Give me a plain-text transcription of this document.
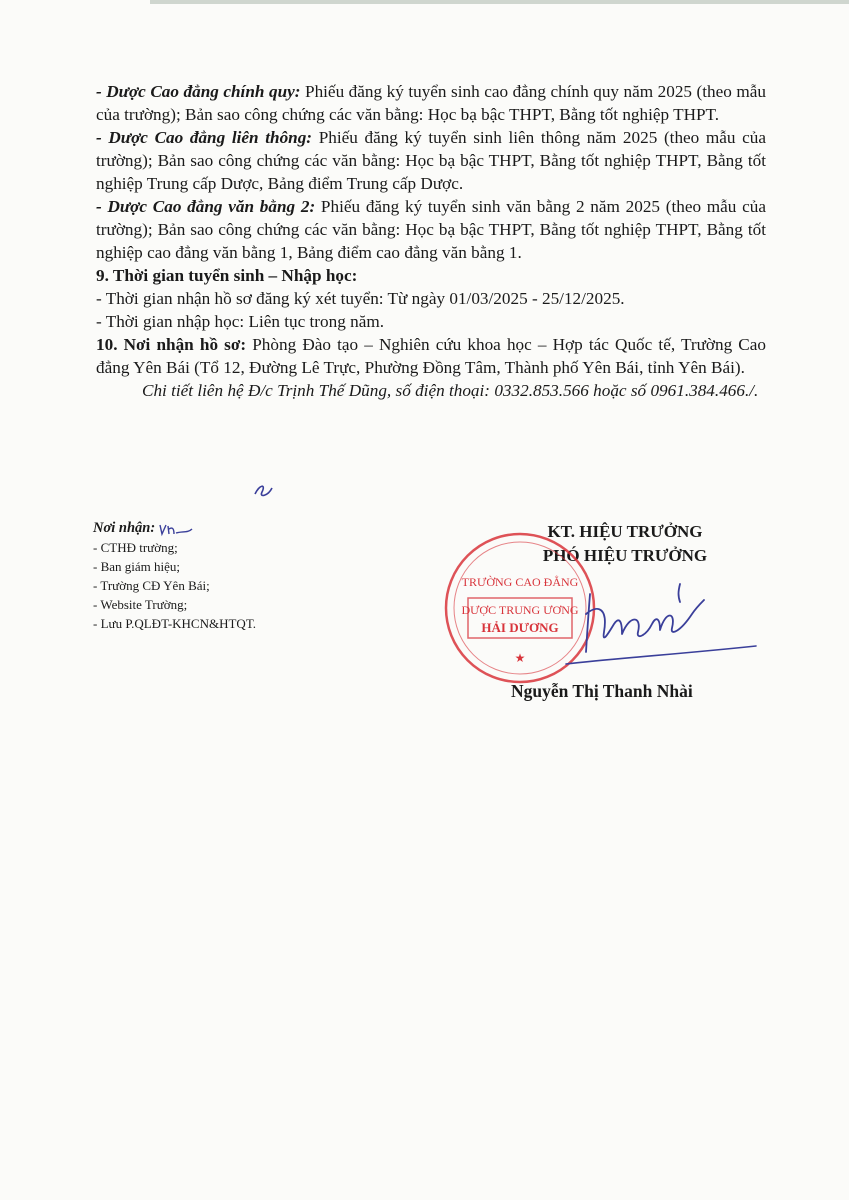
- Dược Cao đẳng chính quy: Phiếu đăng ký tuyển sinh cao đẳng chính quy năm 2025 (theo mẫu của trường); Bản sao công chứng các văn bằng: Học bạ bậc THPT, Bằng tốt nghiệp THPT.

- Dược Cao đẳng liên thông: Phiếu đăng ký tuyển sinh liên thông năm 2025 (theo mẫu của trường); Bản sao công chứng các văn bằng: Học bạ bậc THPT, Bằng tốt nghiệp THPT, Bằng tốt nghiệp Trung cấp Dược, Bảng điểm Trung cấp Dược.

- Dược Cao đẳng văn bằng 2: Phiếu đăng ký tuyển sinh văn bằng 2 năm 2025 (theo mẫu của trường); Bản sao công chứng các văn bằng: Học bạ bậc THPT, Bằng tốt nghiệp THPT, Bằng tốt nghiệp cao đẳng văn bằng 1, Bảng điểm cao đẳng văn bằng 1.

9. Thời gian tuyển sinh – Nhập học:

- Thời gian nhận hồ sơ đăng ký xét tuyển: Từ ngày 01/03/2025 - 25/12/2025.

- Thời gian nhập học: Liên tục trong năm.

10. Nơi nhận hồ sơ: Phòng Đào tạo – Nghiên cứu khoa học – Hợp tác Quốc tế, Trường Cao đẳng Yên Bái (Tổ 12, Đường Lê Trực, Phường Đồng Tâm, Thành phố Yên Bái, tỉnh Yên Bái).

Chi tiết liên hệ Đ/c Trịnh Thế Dũng, số điện thoại: 0332.853.566 hoặc số 0961.384.466./.

Nơi nhận:
- CTHĐ trường;
- Ban giám hiệu;
- Trường CĐ Yên Bái;
- Website Trường;
- Lưu P.QLĐT-KHCN&HTQT.
KT. HIỆU TRƯỞNG
PHÓ HIỆU TRƯỞNG
TRƯỜNG CAO ĐẲNG
DƯỢC TRUNG ƯƠNG
HẢI DƯƠNG
★
Nguyễn Thị Thanh Nhài
